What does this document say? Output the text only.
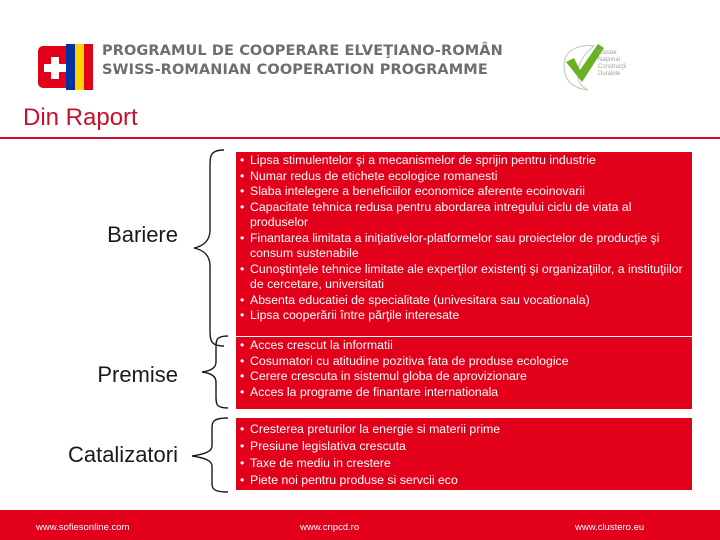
PROGRAMUL DE COOPERARE ELVEŢIANO-ROMÂN
SWISS-ROMANIAN COOPERATION PROGRAMME
Cluster
Naţional
Construcţii
Durabile
Din Raport
Bariere
Premise
Catalizatori
• Lipsa stimulentelor şi a mecanismelor de sprijin pentru industrie
• Numar redus de etichete ecologice romanesti
• Slaba intelegere a beneficiilor economice aferente ecoinovarii
• Capacitate tehnica redusa pentru abordarea intregului ciclu de viata al produselor
• Finantarea limitata a iniţiativelor-platformelor sau proiectelor de producţie şi consum sustenabile
• Cunoştinţele tehnice limitate ale experţilor existenţi şi organizaţiilor, a instituţiilor de cercetare, universitati
• Absenta educatiei de specialitate (univesitara sau vocationala)
• Lipsa cooperării între părţile interesate
• Acces crescut la informatii
• Cosumatori cu atitudine pozitiva fata de produse ecologice
• Cerere crescuta in sistemul globa de aprovizionare
• Acces la programe de finantare internationala
• Cresterea preturilor la energie si materii prime
• Presiune legislativa crescuta
• Taxe de mediu in crestere
• Piete noi pentru produse si servcii eco
www.sofiesonline.com	www.cnpcd.ro	www.clustero.eu
